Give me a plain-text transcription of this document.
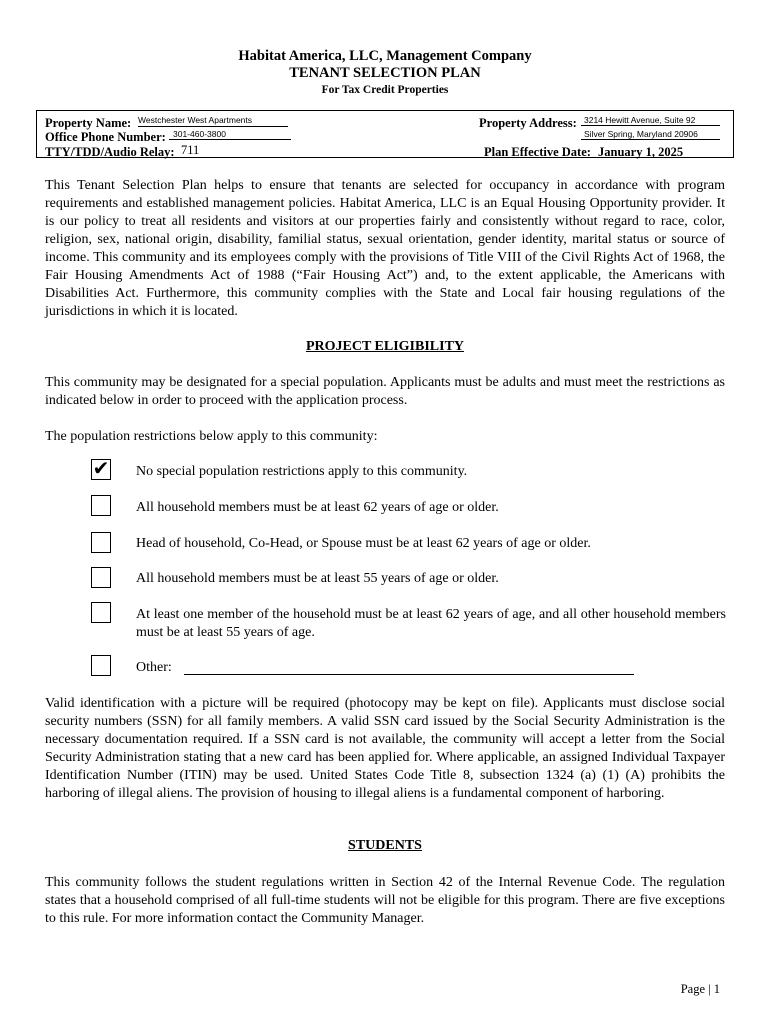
Habitat America, LLC, Management Company
TENANT SELECTION PLAN
For Tax Credit Properties
Property Name: Westchester West Apartments
Office Phone Number: 301-460-3800
TTY/TDD/Audio Relay: 711
Property Address: 3214 Hewitt Avenue, Suite 92
Silver Spring, Maryland 20906
Plan Effective Date: January 1, 2025
This Tenant Selection Plan helps to ensure that tenants are selected for occupancy in accordance with program requirements and established management policies. Habitat America, LLC is an Equal Housing Opportunity provider. It is our policy to treat all residents and visitors at our properties fairly and consistently without regard to race, color, religion, sex, national origin, disability, familial status, sexual orientation, gender identity, marital status or source of income. This community and its employees comply with the provisions of Title VIII of the Civil Rights Act of 1968, the Fair Housing Amendments Act of 1988 (“Fair Housing Act”) and, to the extent applicable, the Americans with Disabilities Act. Furthermore, this community complies with the State and Local fair housing regulations of the jurisdictions in which it is located.
PROJECT ELIGIBILITY
This community may be designated for a special population. Applicants must be adults and must meet the restrictions as indicated below in order to proceed with the application process.
The population restrictions below apply to this community:
✔ No special population restrictions apply to this community.
All household members must be at least 62 years of age or older.
Head of household, Co-Head, or Spouse must be at least 62 years of age or older.
All household members must be at least 55 years of age or older.
At least one member of the household must be at least 62 years of age, and all other household members must be at least 55 years of age.
Other:
Valid identification with a picture will be required (photocopy may be kept on file). Applicants must disclose social security numbers (SSN) for all family members. A valid SSN card issued by the Social Security Administration is the necessary documentation required. If a SSN card is not available, the community will accept a letter from the Social Security Administration stating that a new card has been applied for. Where applicable, an assigned Individual Taxpayer Identification Number (ITIN) may be used. United States Code Title 8, subsection 1324 (a) (1) (A) prohibits the harboring of illegal aliens. The provision of housing to illegal aliens is a fundamental component of harboring.
STUDENTS
This community follows the student regulations written in Section 42 of the Internal Revenue Code. The regulation states that a household comprised of all full-time students will not be eligible for this program. There are five exceptions to this rule. For more information contact the Community Manager.
Page | 1
